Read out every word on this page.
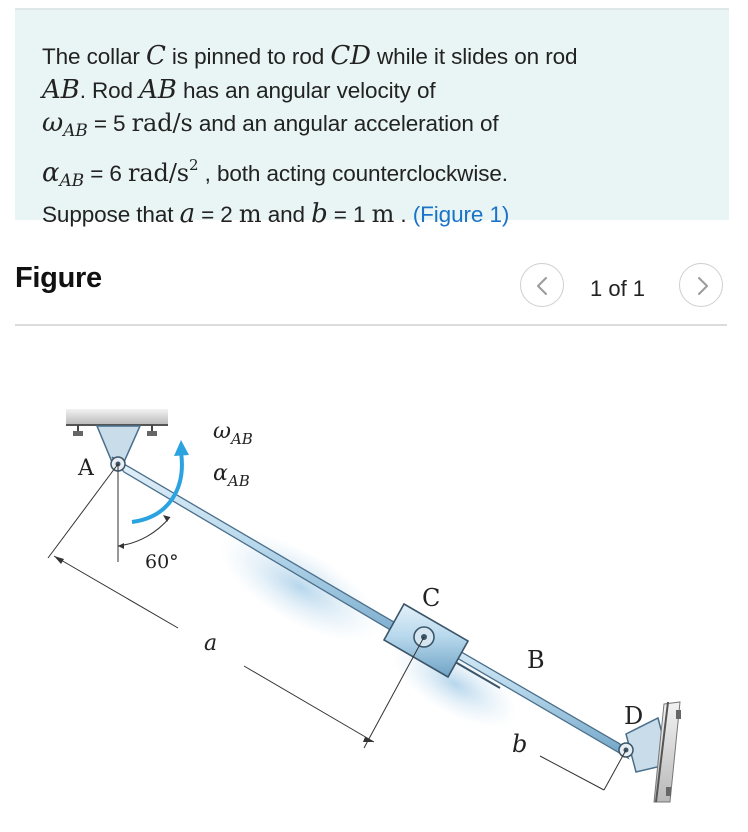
The collar C is pinned to rod CD while it slides on rod
AB. Rod AB has an angular velocity of
$\omega_{AB} = 5$ rad/s and an angular acceleration of
$\alpha_{AB} = 6$ rad/$s^2$ , both acting counterclockwise.
Suppose that a = 2 m and b = 1 m . (Figure 1)
Figure	1 of 1
A
B
C
D
a
b
60°
$\omega_{AB}$
$\alpha_{AB}$
